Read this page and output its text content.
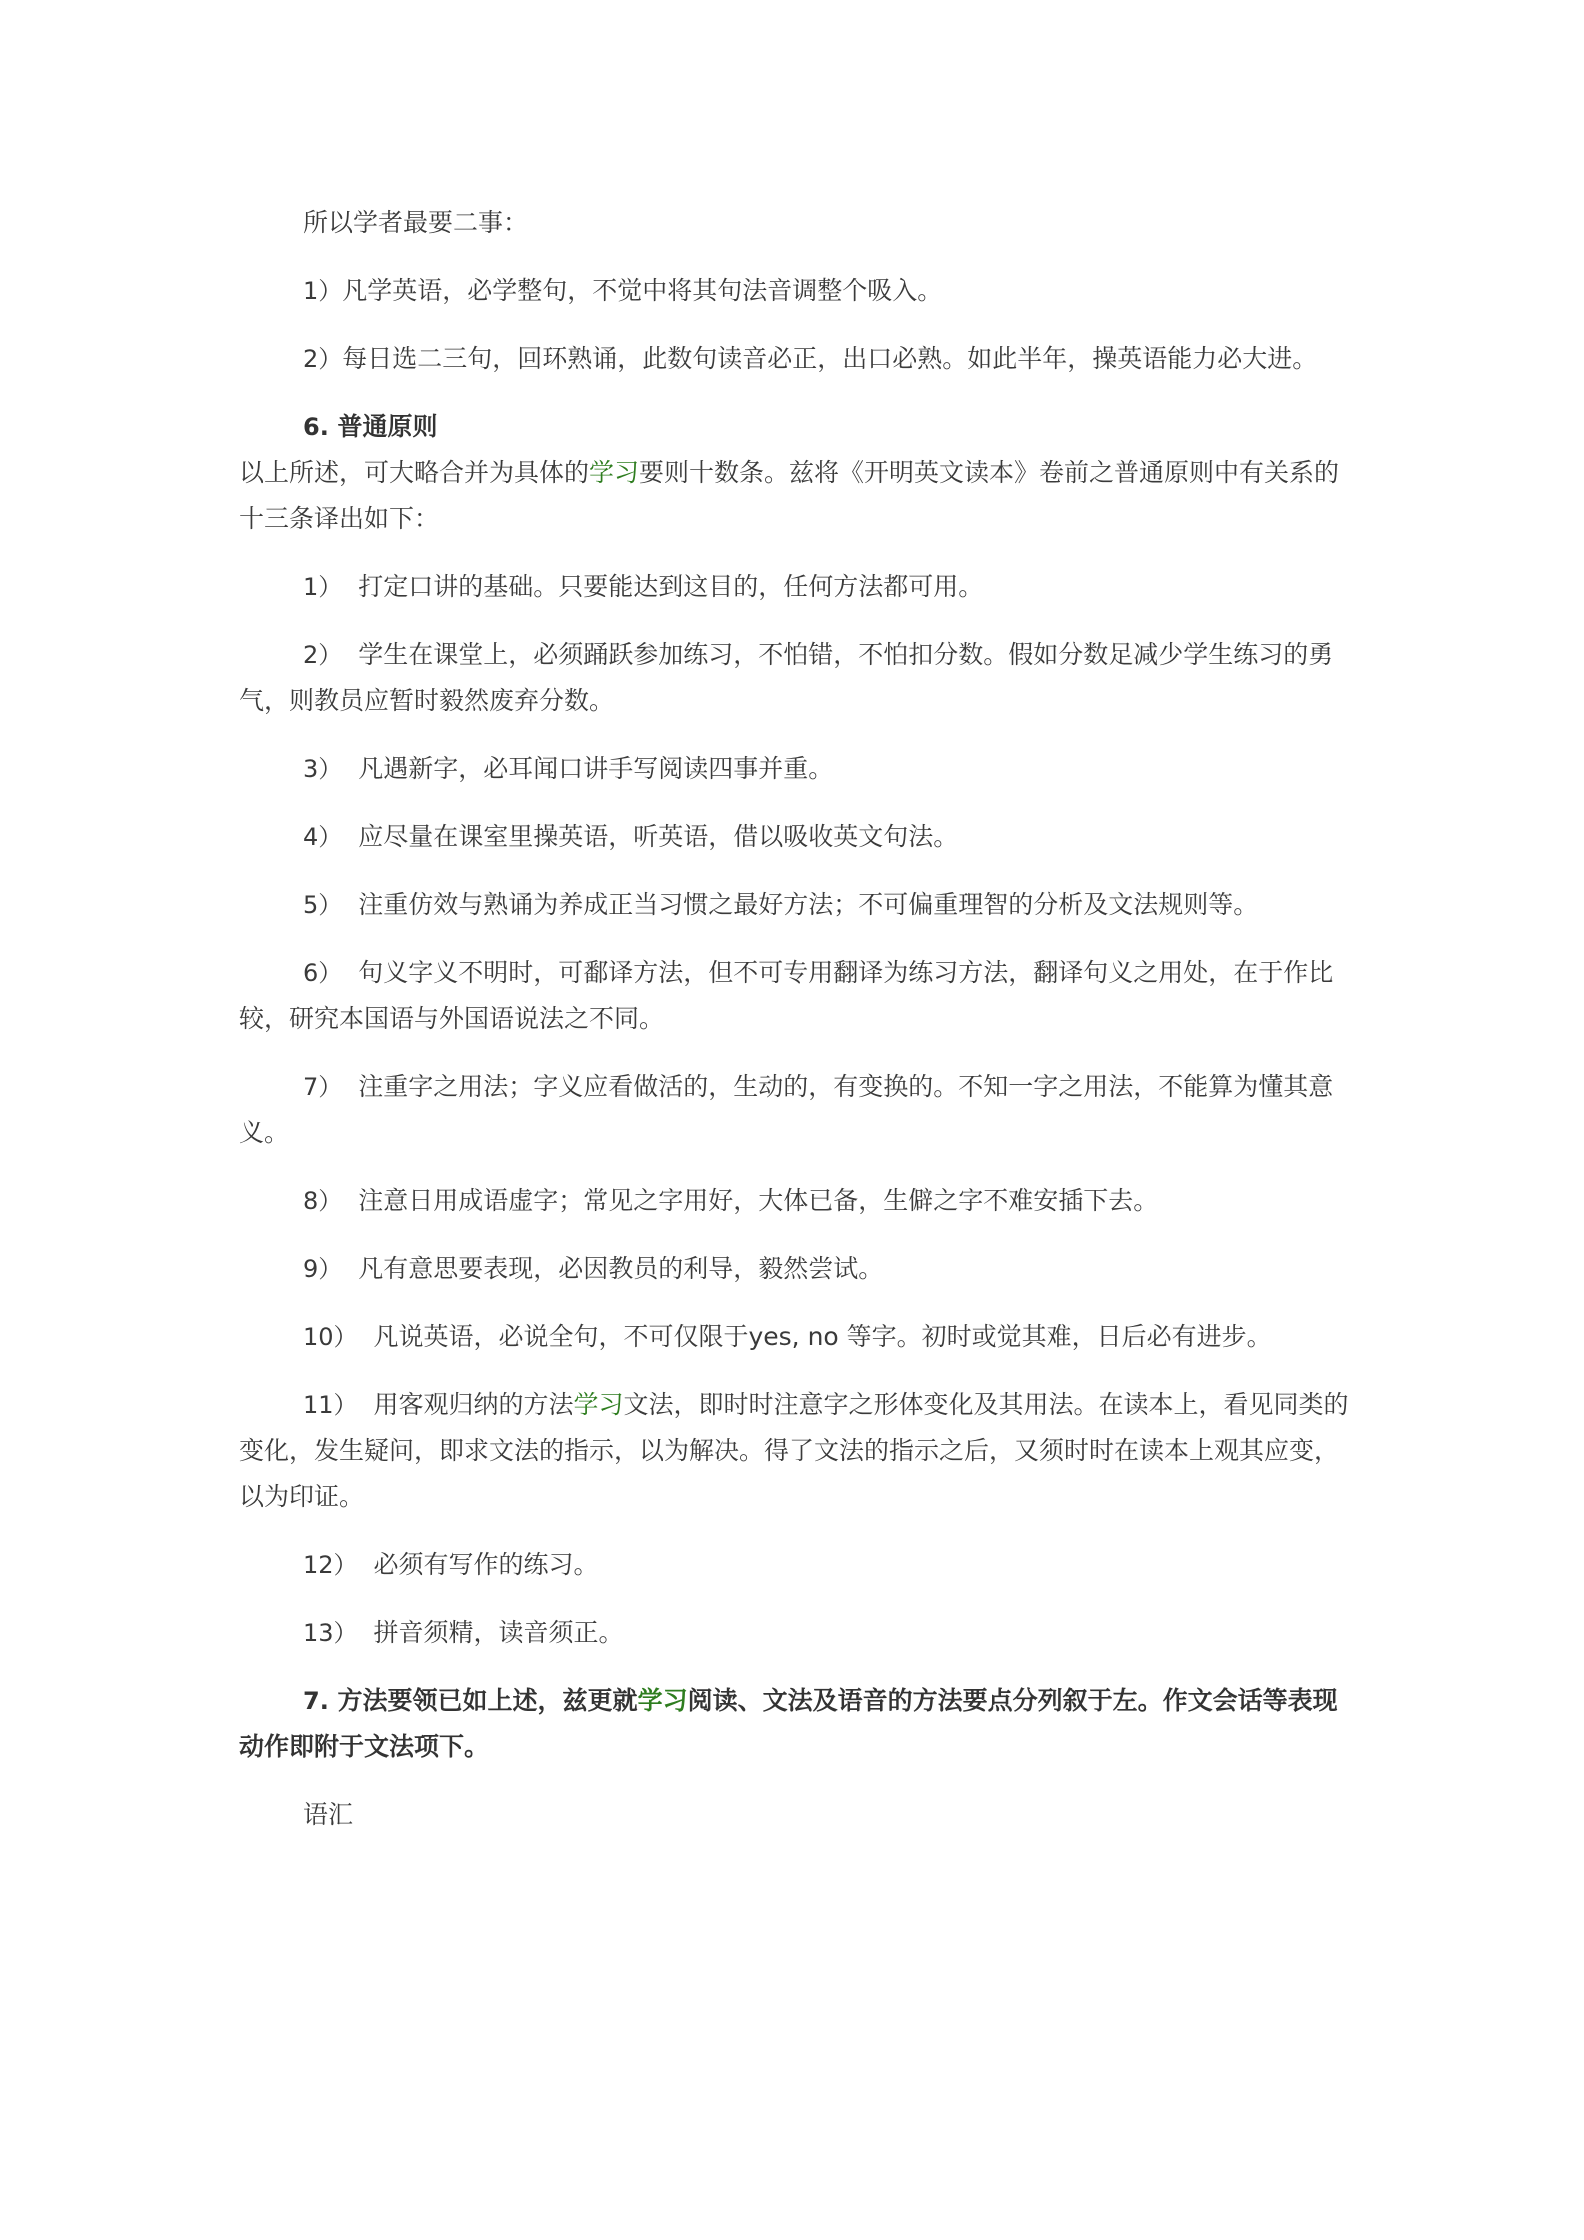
所以学者最要二事：

1）凡学英语，必学整句，不觉中将其句法音调整个吸入。

2）每日选二三句，回环熟诵，此数句读音必正，出口必熟。如此半年，操英语能力必大进。

6. 普通原则

以上所述，可大略合并为具体的学习要则十数条。兹将《开明英文读本》卷前之普通原则中有关系的十三条译出如下：

1） 打定口讲的基础。只要能达到这目的，任何方法都可用。

2） 学生在课堂上，必须踊跃参加练习，不怕错，不怕扣分数。假如分数足减少学生练习的勇气，则教员应暂时毅然废弃分数。

3） 凡遇新字，必耳闻口讲手写阅读四事并重。

4） 应尽量在课室里操英语，听英语，借以吸收英文句法。

5） 注重仿效与熟诵为养成正当习惯之最好方法；不可偏重理智的分析及文法规则等。

6） 句义字义不明时，可鄱译方法，但不可专用翻译为练习方法，翻译句义之用处，在于作比较，研究本国语与外国语说法之不同。

7） 注重字之用法；字义应看做活的，生动的，有变换的。不知一字之用法，不能算为懂其意义。

8） 注意日用成语虚字；常见之字用好，大体已备，生僻之字不难安插下去。

9） 凡有意思要表现，必因教员的利导，毅然尝试。

10） 凡说英语，必说全句，不可仅限于yes, no 等字。初时或觉其难，日后必有进步。

11） 用客观归纳的方法学习文法，即时时注意字之形体变化及其用法。在读本上，看见同类的变化，发生疑问，即求文法的指示，以为解决。得了文法的指示之后，又须时时在读本上观其应变，以为印证。

12） 必须有写作的练习。

13） 拼音须精，读音须正。

7. 方法要领已如上述，兹更就学习阅读、文法及语音的方法要点分列叙于左。作文会话等表现动作即附于文法项下。

语汇
